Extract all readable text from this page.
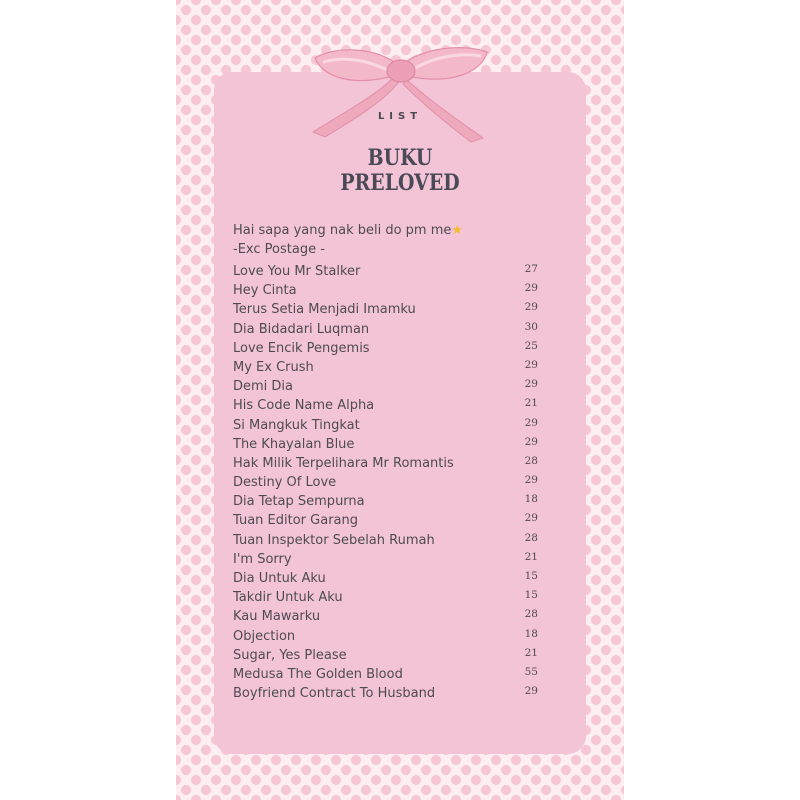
LIST
BUKU
PRELOVED
Hai sapa yang nak beli do pm me★
-Exc Postage -
Love You Mr Stalker	27
Hey Cinta	29
Terus Setia Menjadi Imamku	29
Dia Bidadari Luqman	30
Love Encik Pengemis	25
My Ex Crush	29
Demi Dia	29
His Code Name Alpha	21
Si Mangkuk Tingkat	29
The Khayalan Blue	29
Hak Milik Terpelihara Mr Romantis	28
Destiny Of Love	29
Dia Tetap Sempurna	18
Tuan Editor Garang	29
Tuan Inspektor Sebelah Rumah	28
I'm Sorry	21
Dia Untuk Aku	15
Takdir Untuk Aku	15
Kau Mawarku	28
Objection	18
Sugar, Yes Please	21
Medusa The Golden Blood	55
Boyfriend Contract To Husband	29
